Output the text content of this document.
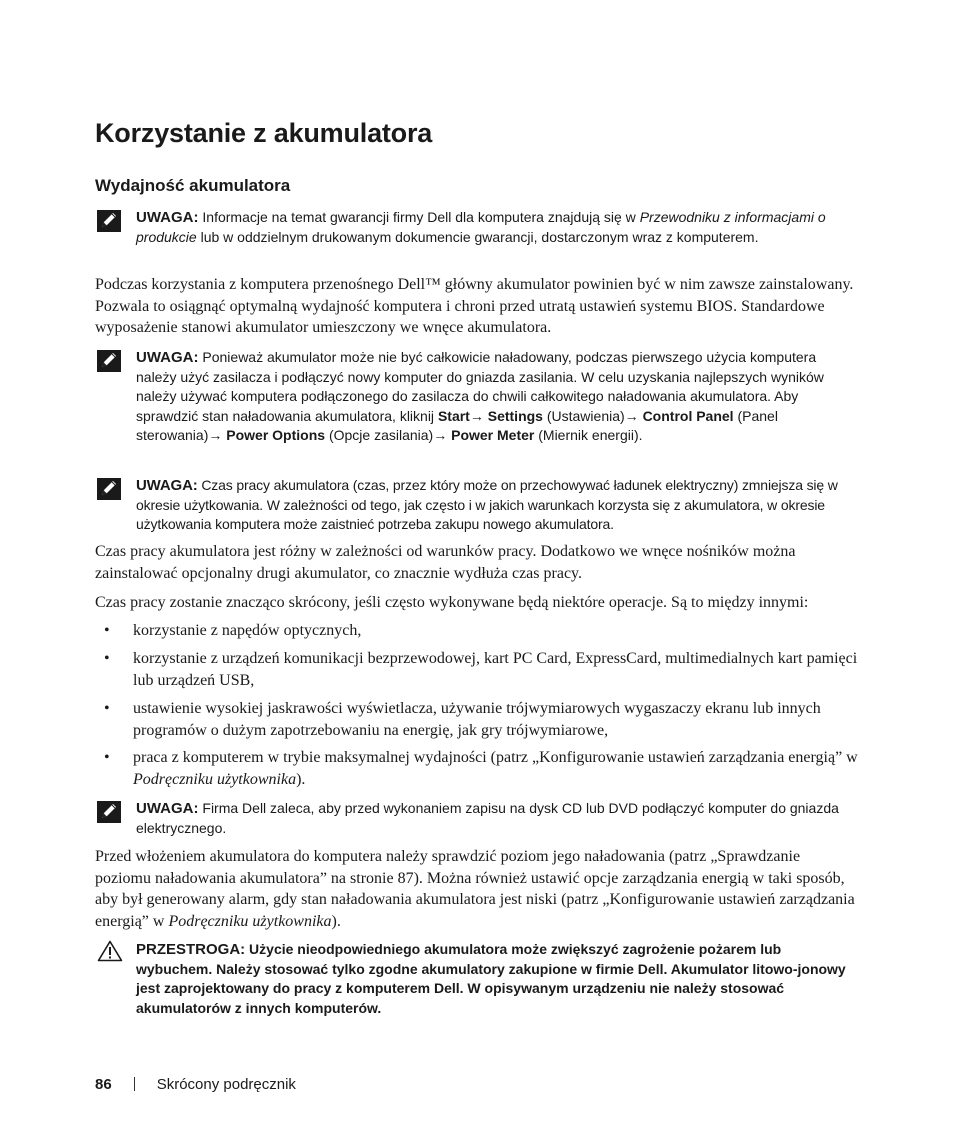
Korzystanie z akumulatora
Wydajność akumulatora
UWAGA: Informacje na temat gwarancji firmy Dell dla komputera znajdują się w Przewodniku z informacjami o produkcie lub w oddzielnym drukowanym dokumencie gwarancji, dostarczonym wraz z komputerem.

Podczas korzystania z komputera przenośnego Dell™ główny akumulator powinien być w nim zawsze zainstalowany. Pozwala to osiągnąć optymalną wydajność komputera i chroni przed utratą ustawień systemu BIOS. Standardowe wyposażenie stanowi akumulator umieszczony we wnęce akumulatora.

UWAGA: Ponieważ akumulator może nie być całkowicie naładowany, podczas pierwszego użycia komputera należy użyć zasilacza i podłączyć nowy komputer do gniazda zasilania. W celu uzyskania najlepszych wyników należy używać komputera podłączonego do zasilacza do chwili całkowitego naładowania akumulatora. Aby sprawdzić stan naładowania akumulatora, kliknij Start→ Settings (Ustawienia)→ Control Panel (Panel sterowania)→ Power Options (Opcje zasilania)→ Power Meter (Miernik energii).
UWAGA: Czas pracy akumulatora (czas, przez który może on przechowywać ładunek elektryczny) zmniejsza się w okresie użytkowania. W zależności od tego, jak często i w jakich warunkach korzysta się z akumulatora, w okresie użytkowania komputera może zaistnieć potrzeba zakupu nowego akumulatora.

Czas pracy akumulatora jest różny w zależności od warunków pracy. Dodatkowo we wnęce nośników można zainstalować opcjonalny drugi akumulator, co znacznie wydłuża czas pracy.

Czas pracy zostanie znacząco skrócony, jeśli często wykonywane będą niektóre operacje. Są to między innymi:

• korzystanie z napędów optycznych,
• korzystanie z urządzeń komunikacji bezprzewodowej, kart PC Card, ExpressCard, multimedialnych kart pamięci lub urządzeń USB,
• ustawienie wysokiej jaskrawości wyświetlacza, używanie trójwymiarowych wygaszaczy ekranu lub innych programów o dużym zapotrzebowaniu na energię, jak gry trójwymiarowe,
• praca z komputerem w trybie maksymalnej wydajności (patrz „Konfigurowanie ustawień zarządzania energią” w Podręczniku użytkownika).
UWAGA: Firma Dell zaleca, aby przed wykonaniem zapisu na dysk CD lub DVD podłączyć komputer do gniazda elektrycznego.

Przed włożeniem akumulatora do komputera należy sprawdzić poziom jego naładowania (patrz „Sprawdzanie poziomu naładowania akumulatora” na stronie 87). Można również ustawić opcje zarządzania energią w taki sposób, aby był generowany alarm, gdy stan naładowania akumulatora jest niski (patrz „Konfigurowanie ustawień zarządzania energią” w Podręczniku użytkownika).

PRZESTROGA: Użycie nieodpowiedniego akumulatora może zwiększyć zagrożenie pożarem lub wybuchem. Należy stosować tylko zgodne akumulatory zakupione w firmie Dell. Akumulator litowo-jonowy jest zaprojektowany do pracy z komputerem Dell. W opisywanym urządzeniu nie należy stosować akumulatorów z innych komputerów.
86	Skrócony podręcznik
